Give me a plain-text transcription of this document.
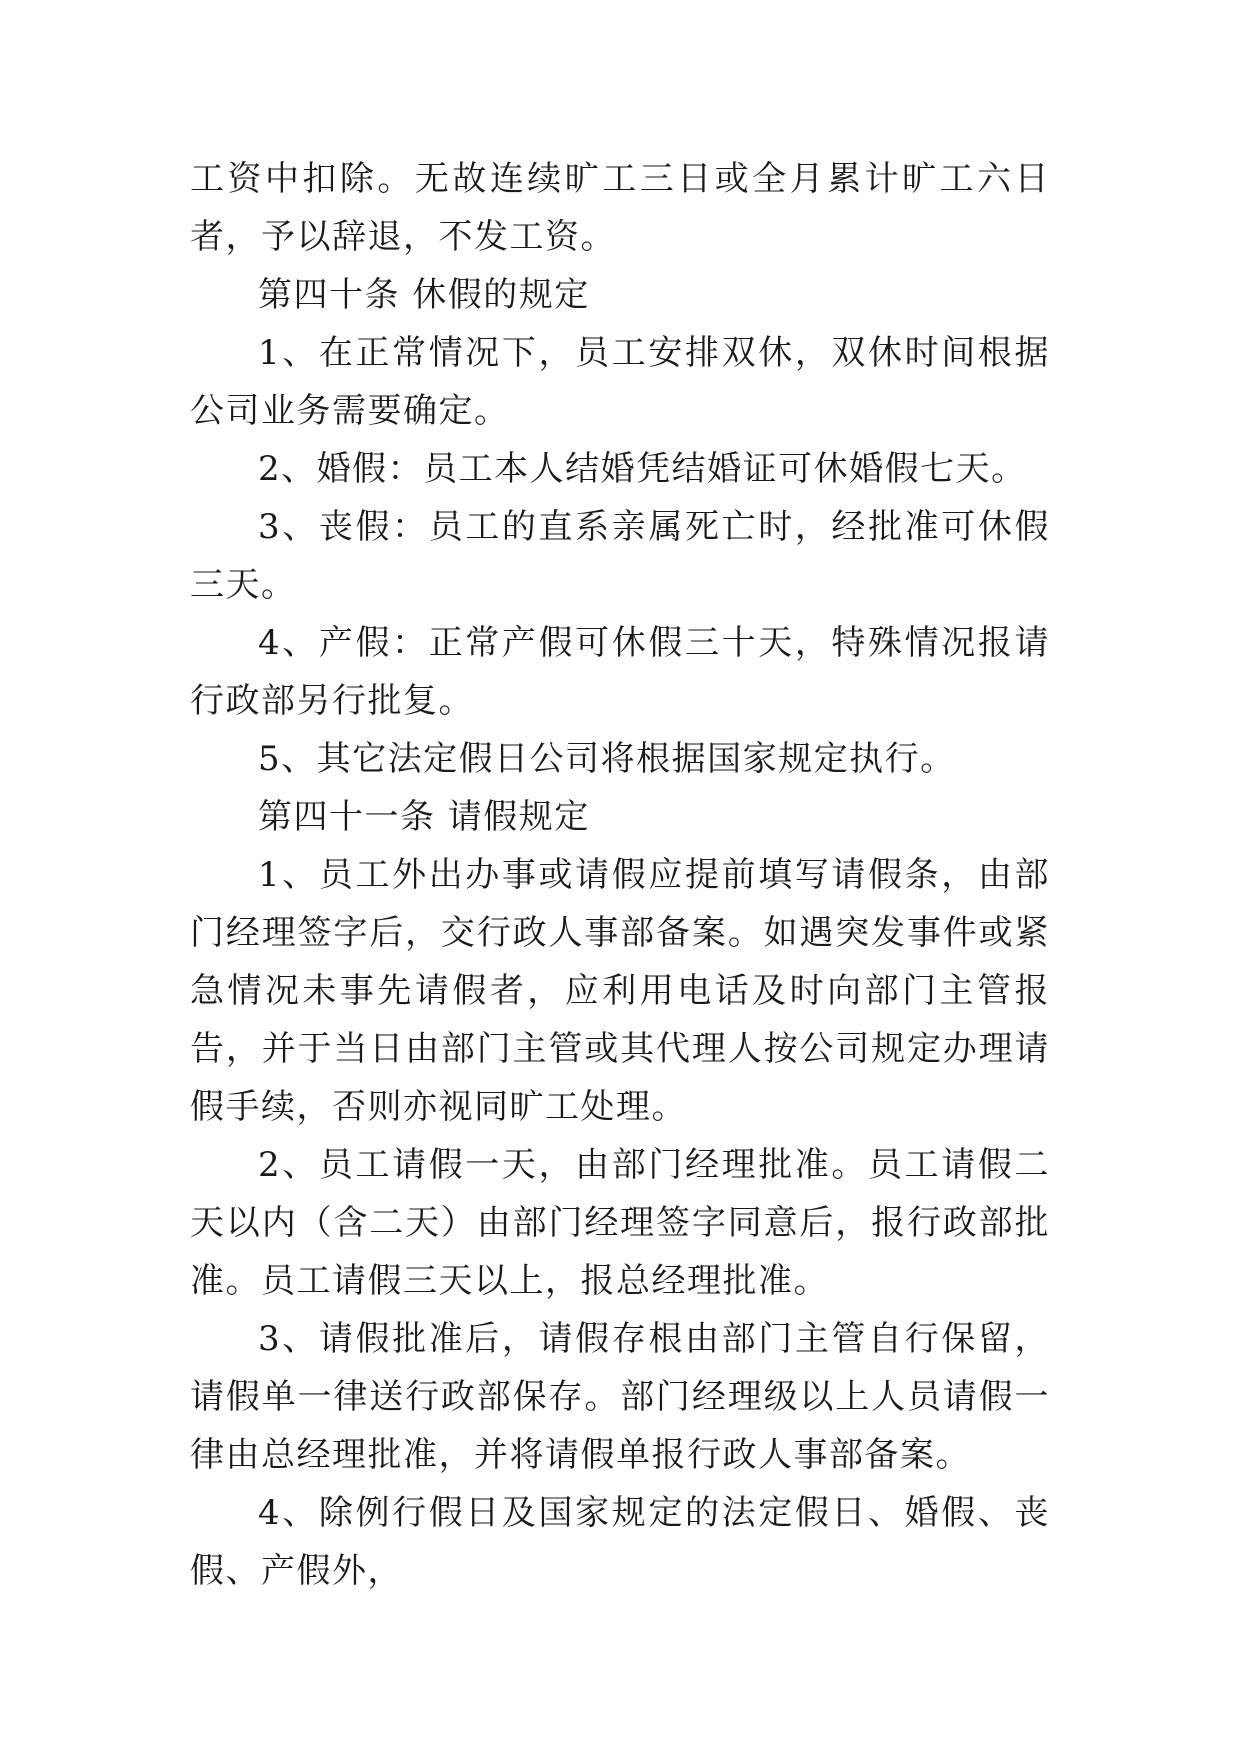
工资中扣除。无故连续旷工三日或全月累计旷工六日者，予以辞退，不发工资。

第四十条 休假的规定

1、在正常情况下，员工安排双休，双休时间根据公司业务需要确定。

2、婚假：员工本人结婚凭结婚证可休婚假七天。

3、丧假：员工的直系亲属死亡时，经批准可休假三天。

4、产假：正常产假可休假三十天，特殊情况报请行政部另行批复。

5、其它法定假日公司将根据国家规定执行。

第四十一条 请假规定

1、员工外出办事或请假应提前填写请假条，由部门经理签字后，交行政人事部备案。如遇突发事件或紧急情况未事先请假者，应利用电话及时向部门主管报告，并于当日由部门主管或其代理人按公司规定办理请假手续，否则亦视同旷工处理。

2、员工请假一天，由部门经理批准。员工请假二天以内（含二天）由部门经理签字同意后，报行政部批准。员工请假三天以上，报总经理批准。

3、请假批准后，请假存根由部门主管自行保留，请假单一律送行政部保存。部门经理级以上人员请假一律由总经理批准，并将请假单报行政人事部备案。

4、除例行假日及国家规定的法定假日、婚假、丧假、产假外，
